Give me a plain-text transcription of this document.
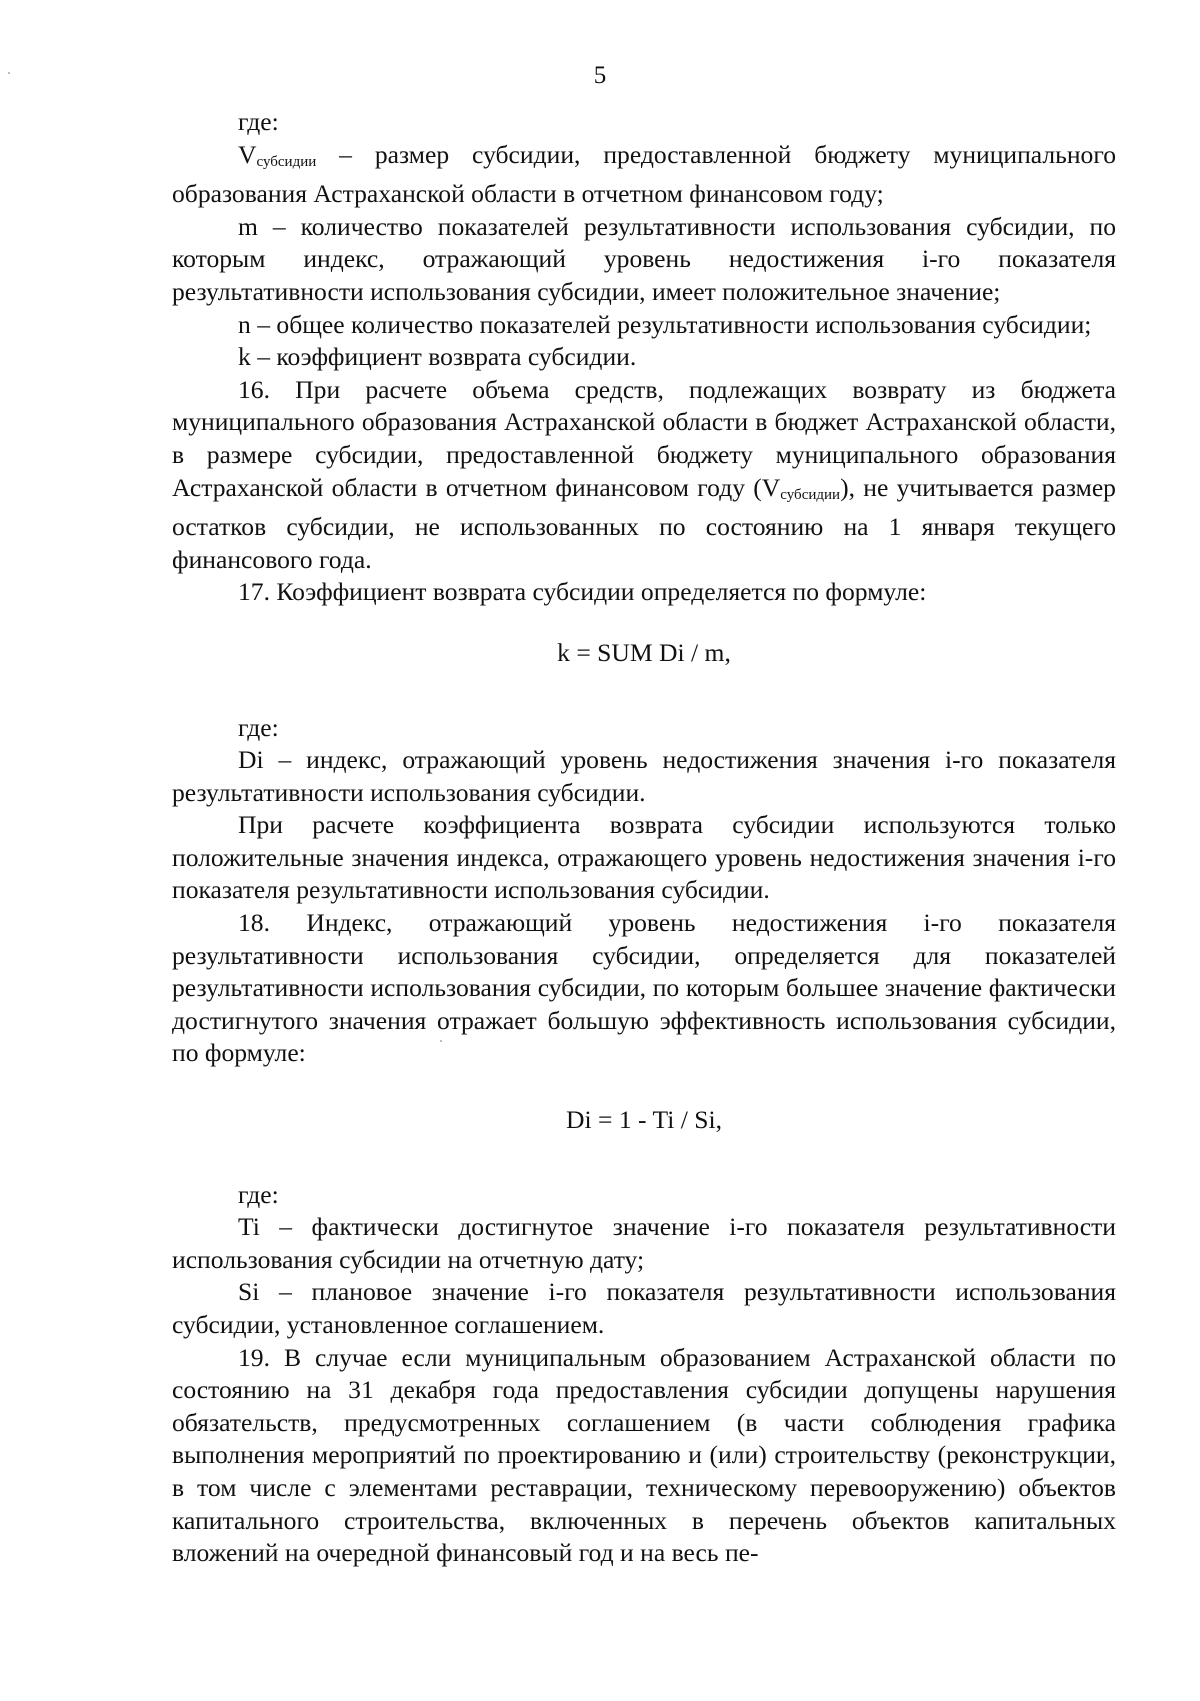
5

где:

$V_{субсидии}$ – размер субсидии, предоставленной бюджету муниципального образования Астраханской области в отчетном финансовом году;

m – количество показателей результативности использования субсидии, по которым индекс, отражающий уровень недостижения i-го показателя результативности использования субсидии, имеет положительное значение;

n – общее количество показателей результативности использования субсидии;

k – коэффициент возврата субсидии.

16. При расчете объема средств, подлежащих возврату из бюджета муниципального образования Астраханской области в бюджет Астраханской области, в размере субсидии, предоставленной бюджету муниципального образования Астраханской области в отчетном финансовом году $(V_{субсидии})$, не учитывается размер остатков субсидии, не использованных по состоянию на 1 января текущего финансового года.

17. Коэффициент возврата субсидии определяется по формуле:

k = SUM Di / m,

где:

Di – индекс, отражающий уровень недостижения значения i-го показателя результативности использования субсидии.

При расчете коэффициента возврата субсидии используются только положительные значения индекса, отражающего уровень недостижения значения i-го показателя результативности использования субсидии.

18. Индекс, отражающий уровень недостижения i-го показателя результативности использования субсидии, определяется для показателей результативности использования субсидии, по которым большее значение фактически достигнутого значения отражает большую эффективность использования субсидии, по формуле:

Di = 1 - Ti / Si,

где:

Ti – фактически достигнутое значение i-го показателя результативности использования субсидии на отчетную дату;

Si – плановое значение i-го показателя результативности использования субсидии, установленное соглашением.

19. В случае если муниципальным образованием Астраханской области по состоянию на 31 декабря года предоставления субсидии допущены нарушения обязательств, предусмотренных соглашением (в части соблюдения графика выполнения мероприятий по проектированию и (или) строительству (реконструкции, в том числе с элементами реставрации, техническому перевооружению) объектов капитального строительства, включенных в перечень объектов капитальных вложений на очередной финансовый год и на весь пе-
